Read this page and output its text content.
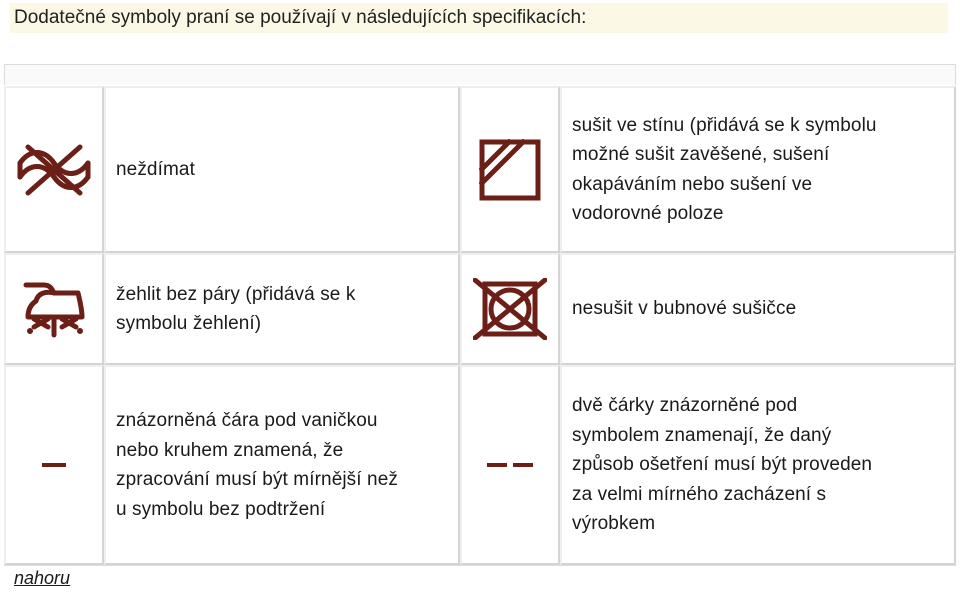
Dodatečné symboly praní se používají v následujících specifikacích:
neždímat
sušit ve stínu (přidává se k symbolu
možné sušit zavěšené, sušení
okapáváním nebo sušení ve
vodorovné poloze
žehlit bez páry (přidává se k
symbolu žehlení)
nesušit v bubnové sušičce
znázorněná čára pod vaničkou
nebo kruhem znamená, že
zpracování musí být mírnější než
u symbolu bez podtržení
dvě čárky znázorněné pod
symbolem znamenají, že daný
způsob ošetření musí být proveden
za velmi mírného zacházení s
výrobkem
nahoru
